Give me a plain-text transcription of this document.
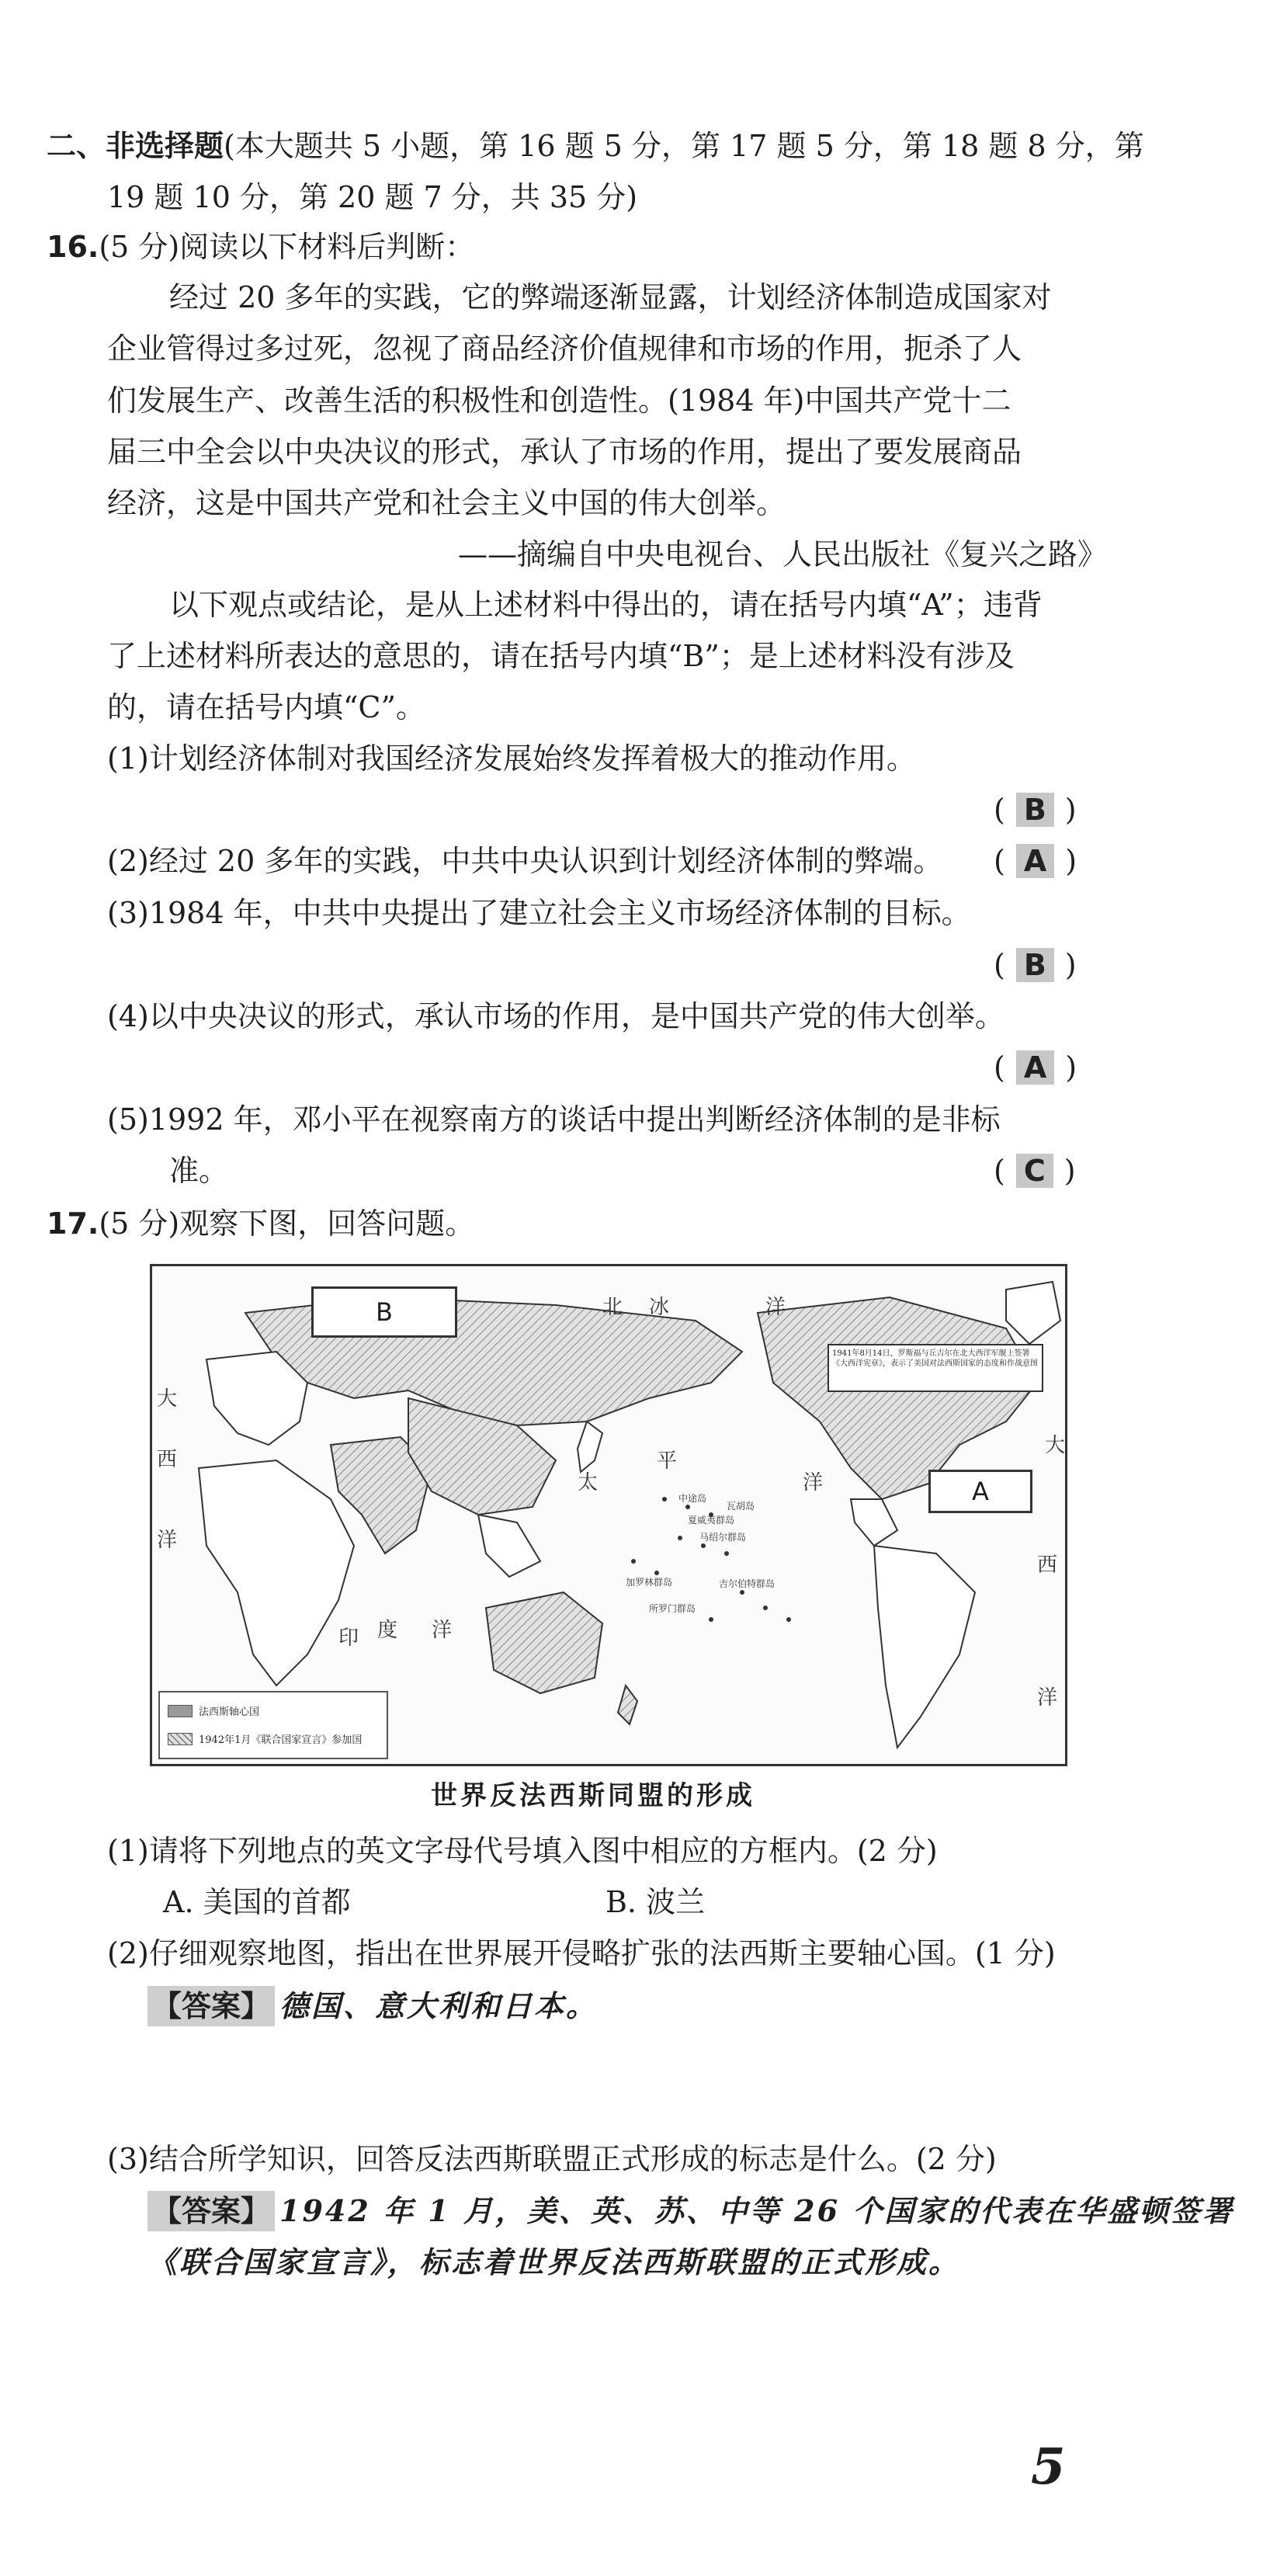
二、非选择题(本大题共 5 小题，第 16 题 5 分，第 17 题 5 分，第 18 题 8 分，第
19 题 10 分，第 20 题 7 分，共 35 分)
16.(5 分)阅读以下材料后判断：
经过 20 多年的实践，它的弊端逐渐显露，计划经济体制造成国家对
企业管得过多过死，忽视了商品经济价值规律和市场的作用，扼杀了人
们发展生产、改善生活的积极性和创造性。(1984 年)中国共产党十二
届三中全会以中央决议的形式，承认了市场的作用，提出了要发展商品
经济，这是中国共产党和社会主义中国的伟大创举。
——摘编自中央电视台、人民出版社《复兴之路》
以下观点或结论，是从上述材料中得出的，请在括号内填“A”；违背
了上述材料所表达的意思的，请在括号内填“B”；是上述材料没有涉及
的，请在括号内填“C”。
(1)计划经济体制对我国经济发展始终发挥着极大的推动作用。
( B )
(2)经过 20 多年的实践，中共中央认识到计划经济体制的弊端。 ( A )
(3)1984 年，中共中央提出了建立社会主义市场经济体制的目标。
( B )
(4)以中央决议的形式，承认市场的作用，是中国共产党的伟大创举。
( A )
(5)1992 年，邓小平在视察南方的谈话中提出判断经济体制的是非标
准。	( C )
17.(5 分)观察下图，回答问题。
B
A
北 冰	洋
太
平
洋
印 度 洋
大
西
洋
大
西
洋
中途岛
瓦胡岛
夏威夷群岛
马绍尔群岛
加罗林群岛	吉尔伯特群岛
所罗门群岛
1941年8月14日，罗斯福与丘吉尔在北大西洋军舰上签署《大西洋宪章》，表示了美国对法西斯国家的态度和作战意图
法西斯轴心国
1942年1月《联合国家宣言》参加国
世界反法西斯同盟的形成
(1)请将下列地点的英文字母代号填入图中相应的方框内。(2 分)
A. 美国的首都	B. 波兰
(2)仔细观察地图，指出在世界展开侵略扩张的法西斯主要轴心国。(1 分)
【答案】 德国、意大利和日本。
(3)结合所学知识，回答反法西斯联盟正式形成的标志是什么。(2 分)
【答案】 1942 年 1 月，美、英、苏、中等 26 个国家的代表在华盛顿签署
《联合国家宣言》，标志着世界反法西斯联盟的正式形成。
5
